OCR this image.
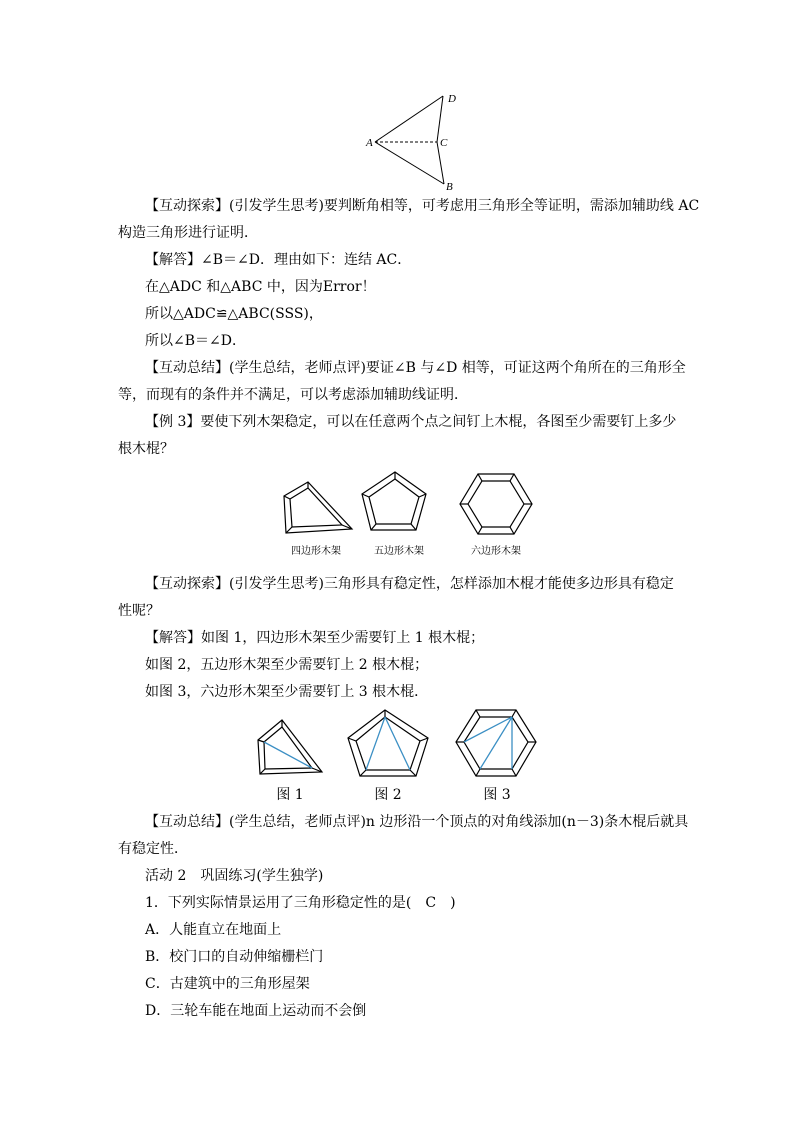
A
D
C
B
【互动探索】(引发学生思考)要判断角相等，可考虑用三角形全等证明，需添加辅助线 AC
构造三角形进行证明．
【解答】∠B＝∠D．理由如下：连结 AC．
在△ADC 和△ABC 中，因为Error！
所以△ADC≌△ABC(SSS)，
所以∠B＝∠D．
【互动总结】(学生总结，老师点评)要证∠B 与∠D 相等，可证这两个角所在的三角形全
等，而现有的条件并不满足，可以考虑添加辅助线证明．
【例 3】要使下列木架稳定，可以在任意两个点之间钉上木棍，各图至少需要钉上多少
根木棍？
四边形木架	五边形木架	六边形木架
【互动探索】(引发学生思考)三角形具有稳定性，怎样添加木棍才能使多边形具有稳定
性呢？
【解答】如图 1，四边形木架至少需要钉上 1 根木棍；
如图 2，五边形木架至少需要钉上 2 根木棍；
如图 3，六边形木架至少需要钉上 3 根木棍．
图 1	图 2	图 3
【互动总结】(学生总结，老师点评)n 边形沿一个顶点的对角线添加(n－3)条木棍后就具
有稳定性．
活动 2　巩固练习(学生独学)
1．下列实际情景运用了三角形稳定性的是(　C　)
A．人能直立在地面上
B．校门口的自动伸缩栅栏门
C．古建筑中的三角形屋架
D．三轮车能在地面上运动而不会倒
